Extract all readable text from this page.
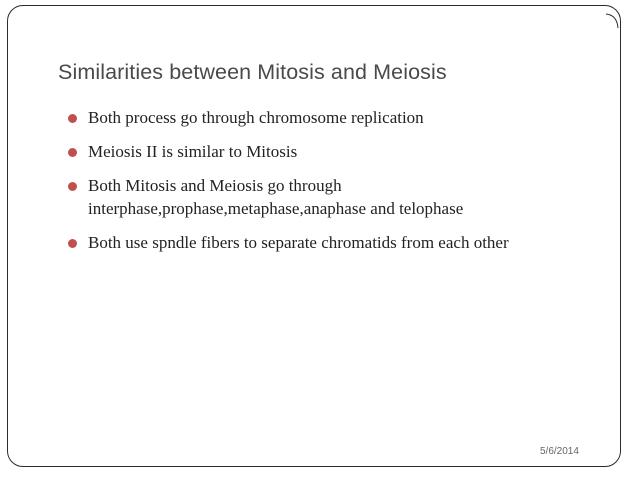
Similarities between Mitosis and Meiosis
Both process go through chromosome replication
Meiosis II is similar to Mitosis
Both Mitosis and Meiosis go through interphase,prophase,metaphase,anaphase and telophase
Both use spndle fibers to separate chromatids from each other
5/6/2014
